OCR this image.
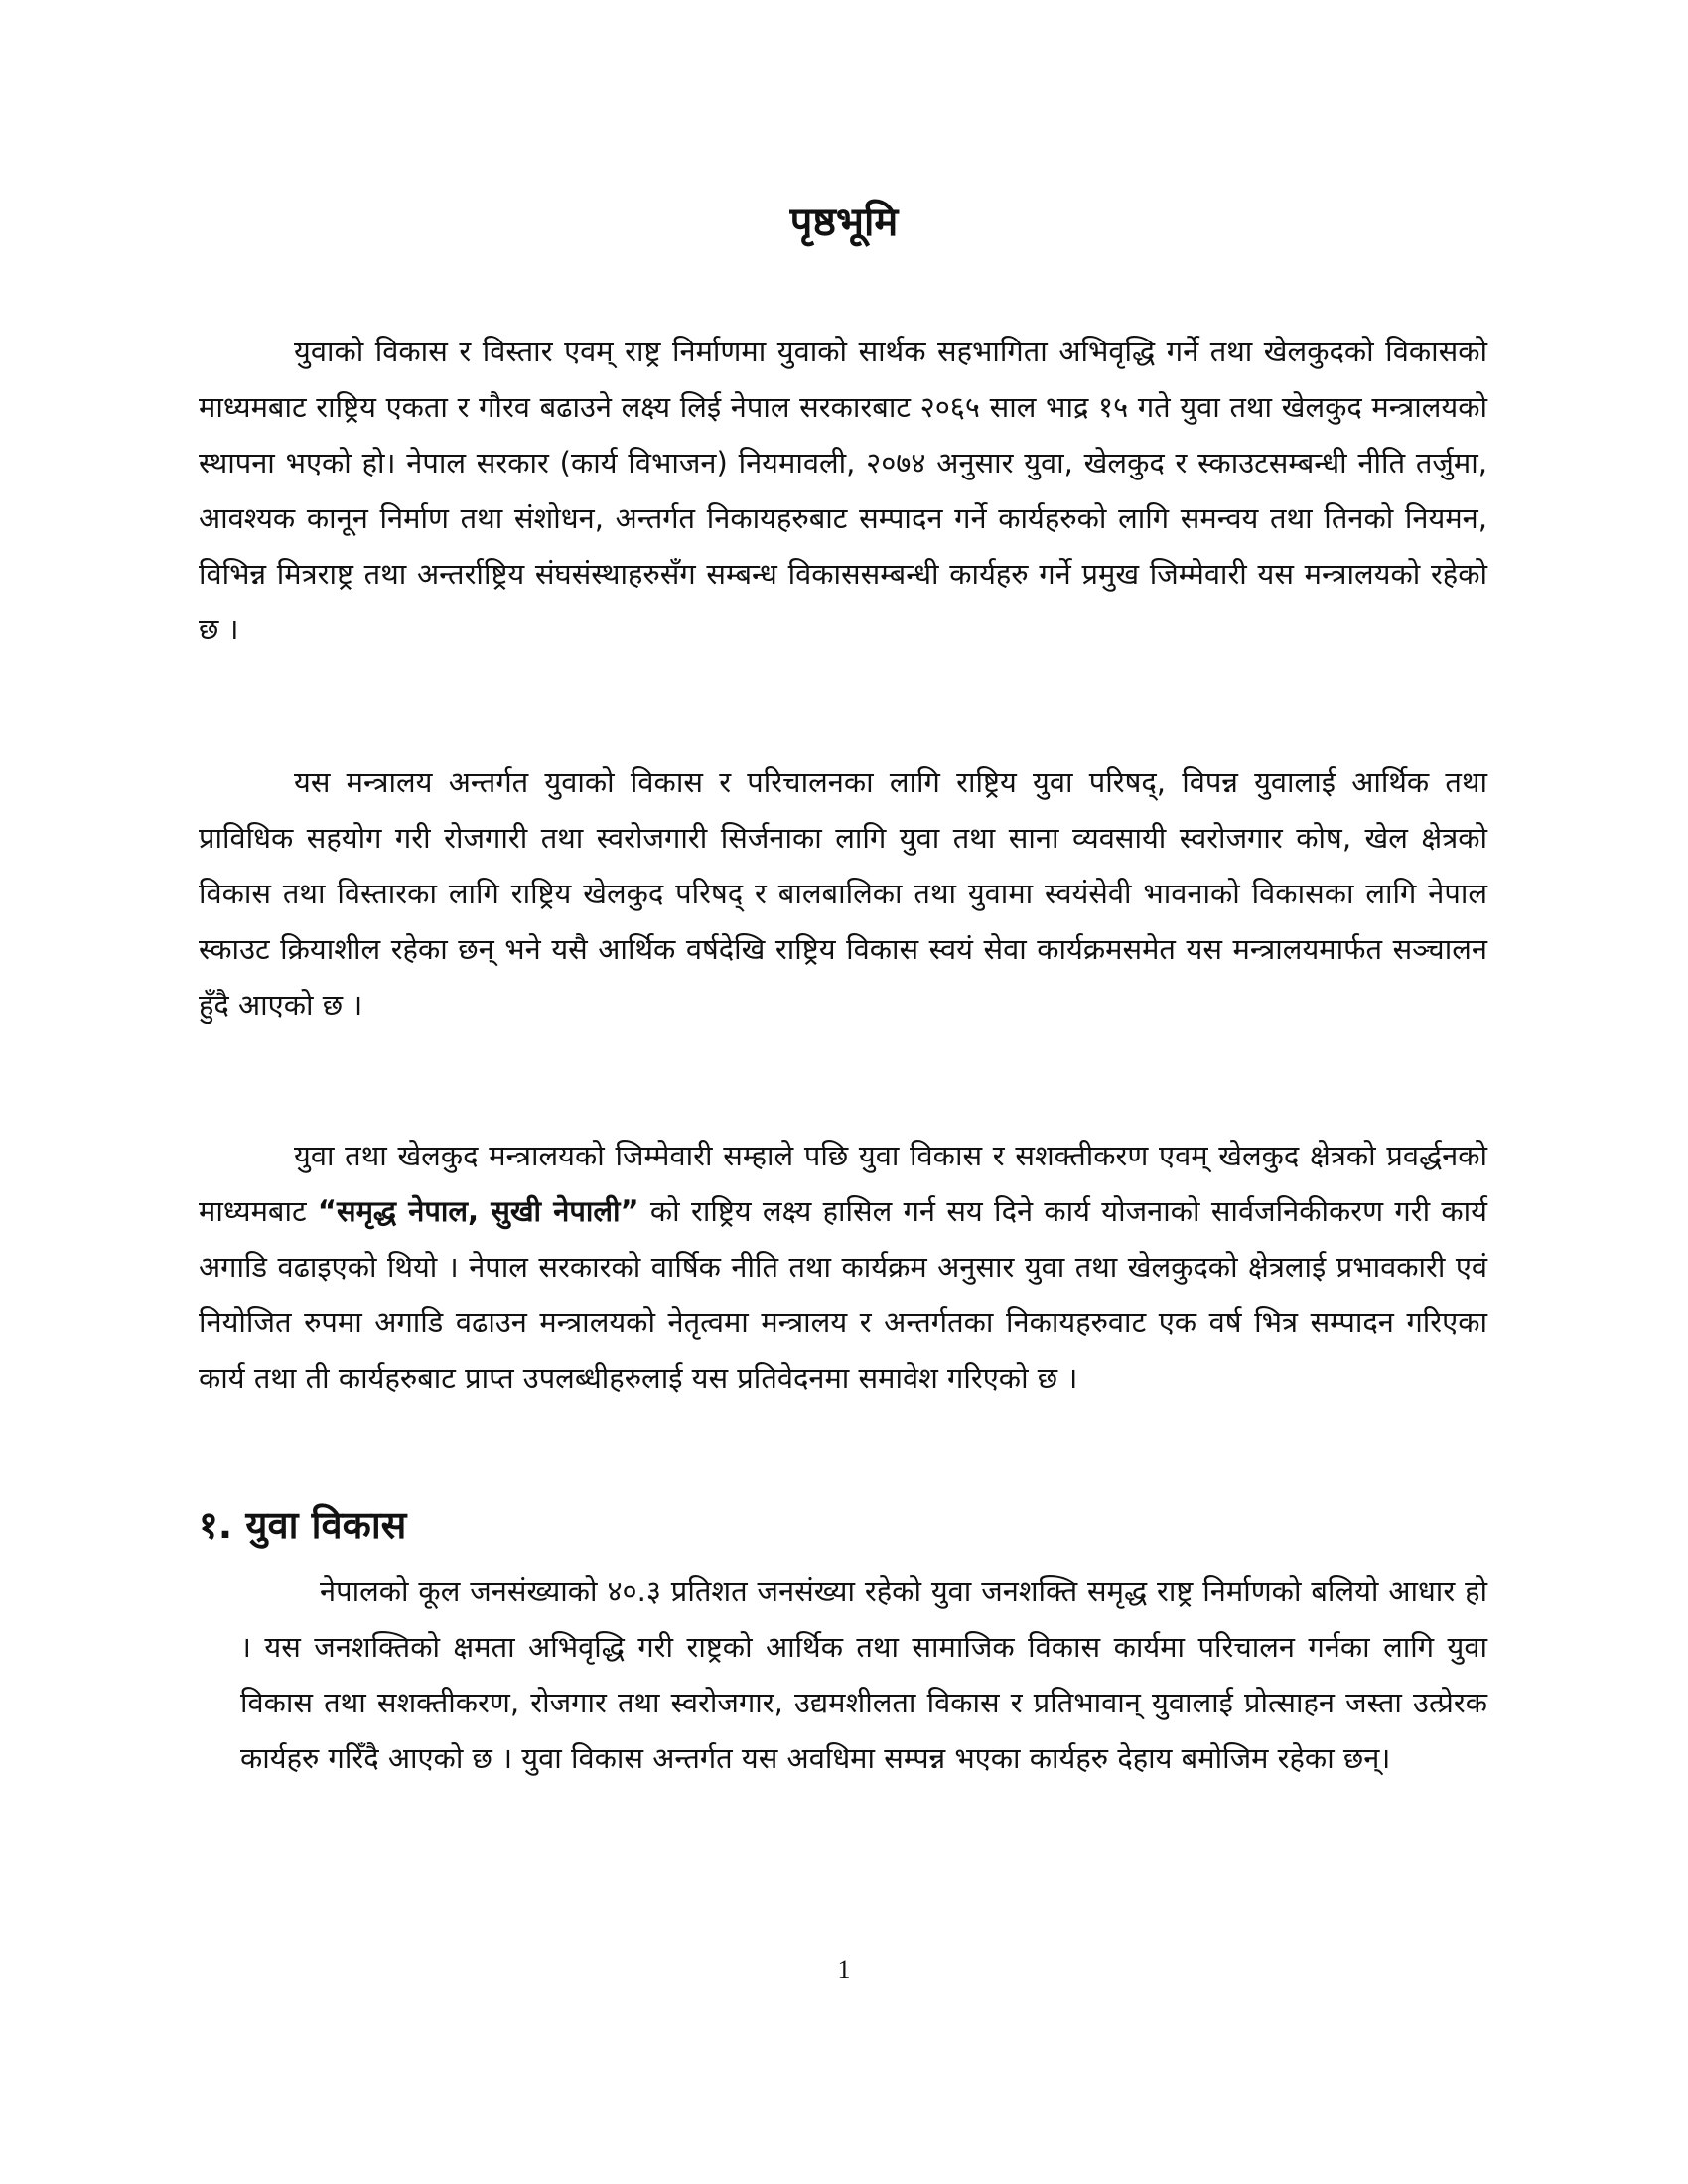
पृष्ठभूमि

युवाको विकास र विस्तार एवम् राष्ट्र निर्माणमा युवाको सार्थक सहभागिता अभिवृद्धि गर्ने तथा खेलकुदको विकासको माध्यमबाट राष्ट्रिय एकता र गौरव बढाउने लक्ष्य लिई नेपाल सरकारबाट २०६५ साल भाद्र १५ गते युवा तथा खेलकुद मन्त्रालयको स्थापना भएको हो। नेपाल सरकार (कार्य विभाजन) नियमावली, २०७४ अनुसार युवा, खेलकुद र स्काउटसम्बन्धी नीति तर्जुमा, आवश्यक कानून निर्माण तथा संशोधन, अन्तर्गत निकायहरुबाट सम्पादन गर्ने कार्यहरुको लागि समन्वय तथा तिनको नियमन, विभिन्न मित्रराष्ट्र तथा अन्तर्राष्ट्रिय संघसंस्थाहरुसँग सम्बन्ध विकाससम्बन्धी कार्यहरु गर्ने प्रमुख जिम्मेवारी यस मन्त्रालयको रहेको छ ।

यस मन्त्रालय अन्तर्गत युवाको विकास र परिचालनका लागि राष्ट्रिय युवा परिषद्, विपन्न युवालाई आर्थिक तथा प्राविधिक सहयोग गरी रोजगारी तथा स्वरोजगारी सिर्जनाका लागि युवा तथा साना व्यवसायी स्वरोजगार कोष, खेल क्षेत्रको विकास तथा विस्तारका लागि राष्ट्रिय खेलकुद परिषद् र बालबालिका तथा युवामा स्वयंसेवी भावनाको विकासका लागि नेपाल स्काउट क्रियाशील रहेका छन् भने यसै आर्थिक वर्षदेखि राष्ट्रिय विकास स्वयं सेवा कार्यक्रमसमेत यस मन्त्रालयमार्फत सञ्चालन हुँदै आएको छ ।

युवा तथा खेलकुद मन्त्रालयको जिम्मेवारी सम्हाले पछि युवा विकास र सशक्तीकरण एवम् खेलकुद क्षेत्रको प्रवर्द्धनको माध्यमबाट “समृद्ध नेपाल, सुखी नेपाली” को राष्ट्रिय लक्ष्य हासिल गर्न सय दिने कार्य योजनाको सार्वजनिकीकरण गरी कार्य अगाडि वढाइएको थियो । नेपाल सरकारको वार्षिक नीति तथा कार्यक्रम अनुसार युवा तथा खेलकुदको क्षेत्रलाई प्रभावकारी एवं नियोजित रुपमा अगाडि वढाउन मन्त्रालयको नेतृत्वमा मन्त्रालय र अन्तर्गतका निकायहरुवाट एक वर्ष भित्र सम्पादन गरिएका कार्य तथा ती कार्यहरुबाट प्राप्त उपलब्धीहरुलाई यस प्रतिवेदनमा समावेश गरिएको छ ।

१. युवा विकास

नेपालको कूल जनसंख्याको ४०.३ प्रतिशत जनसंख्या रहेको युवा जनशक्ति समृद्ध राष्ट्र निर्माणको बलियो आधार हो । यस जनशक्तिको क्षमता अभिवृद्धि गरी राष्ट्रको आर्थिक तथा सामाजिक विकास कार्यमा परिचालन गर्नका लागि युवा विकास तथा सशक्तीकरण, रोजगार तथा स्वरोजगार, उद्यमशीलता विकास र प्रतिभावान् युवालाई प्रोत्साहन जस्ता उत्प्रेरक कार्यहरु गरिँदै आएको छ । युवा विकास अन्तर्गत यस अवधिमा सम्पन्न भएका कार्यहरु देहाय बमोजिम रहेका छन्।

1
